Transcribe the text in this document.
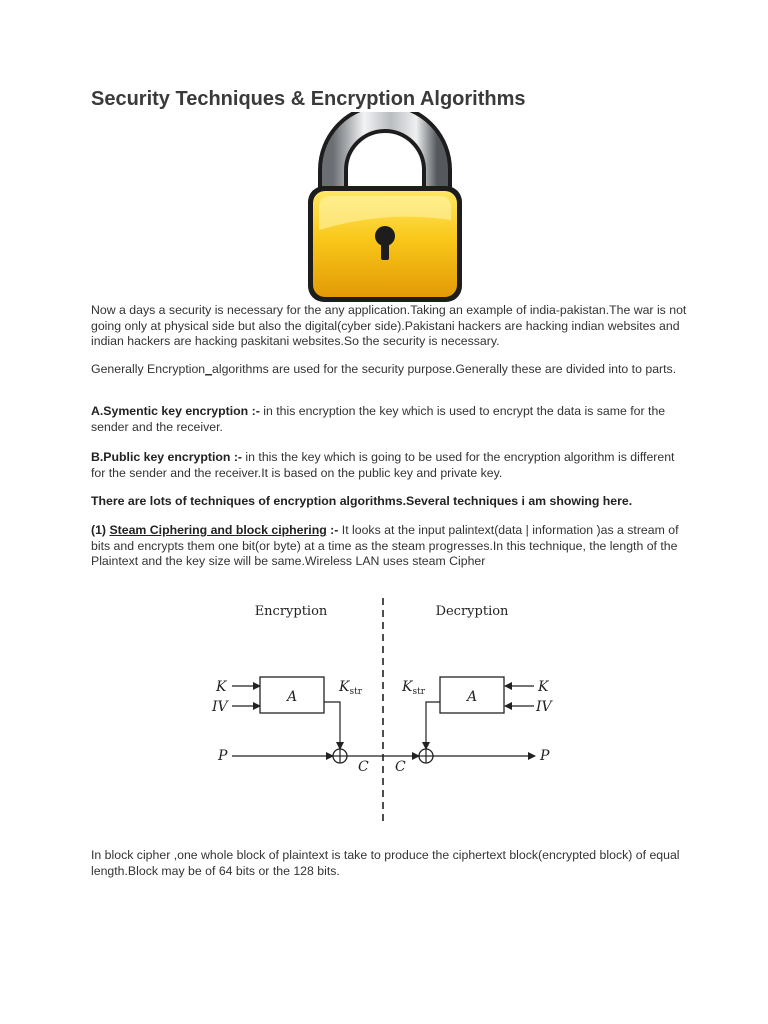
Security Techniques & Encryption Algorithms

Now a days a security is necessary for the any application.Taking an example of india-pakistan.The war is not going only at physical side but also the digital(cyber side).Pakistani hackers are hacking indian websites and indian hackers are hacking paskitani websites.So the security is necessary.

Generally Encryption_algorithms are used for the security purpose.Generally these are divided into to parts.

A.Symentic key encryption :- in this encryption the key which is used to encrypt the data is same for the sender and the receiver.

B.Public key encryption :- in this the key which is going to be used for the encryption algorithm is different for the sender and the receiver.It is based on the public key and private key.

There are lots of techniques of encryption algorithms.Several techniques i am showing here.

(1) Steam Ciphering and block ciphering :- It looks at the input palintext(data | information )as a stream of bits and encrypts them one bit(or byte) at a time as the steam progresses.In this technique, the length of the Plaintext and the key size will be same.Wireless LAN uses steam Cipher

Encryption	Decryption
K
IV
A
$K_{str}$
P
C C
$K_{str}$	A
K
IV
P

In block cipher ,one whole block of plaintext is take to produce the ciphertext block(encrypted block) of equal length.Block may be of 64 bits or the 128 bits.
